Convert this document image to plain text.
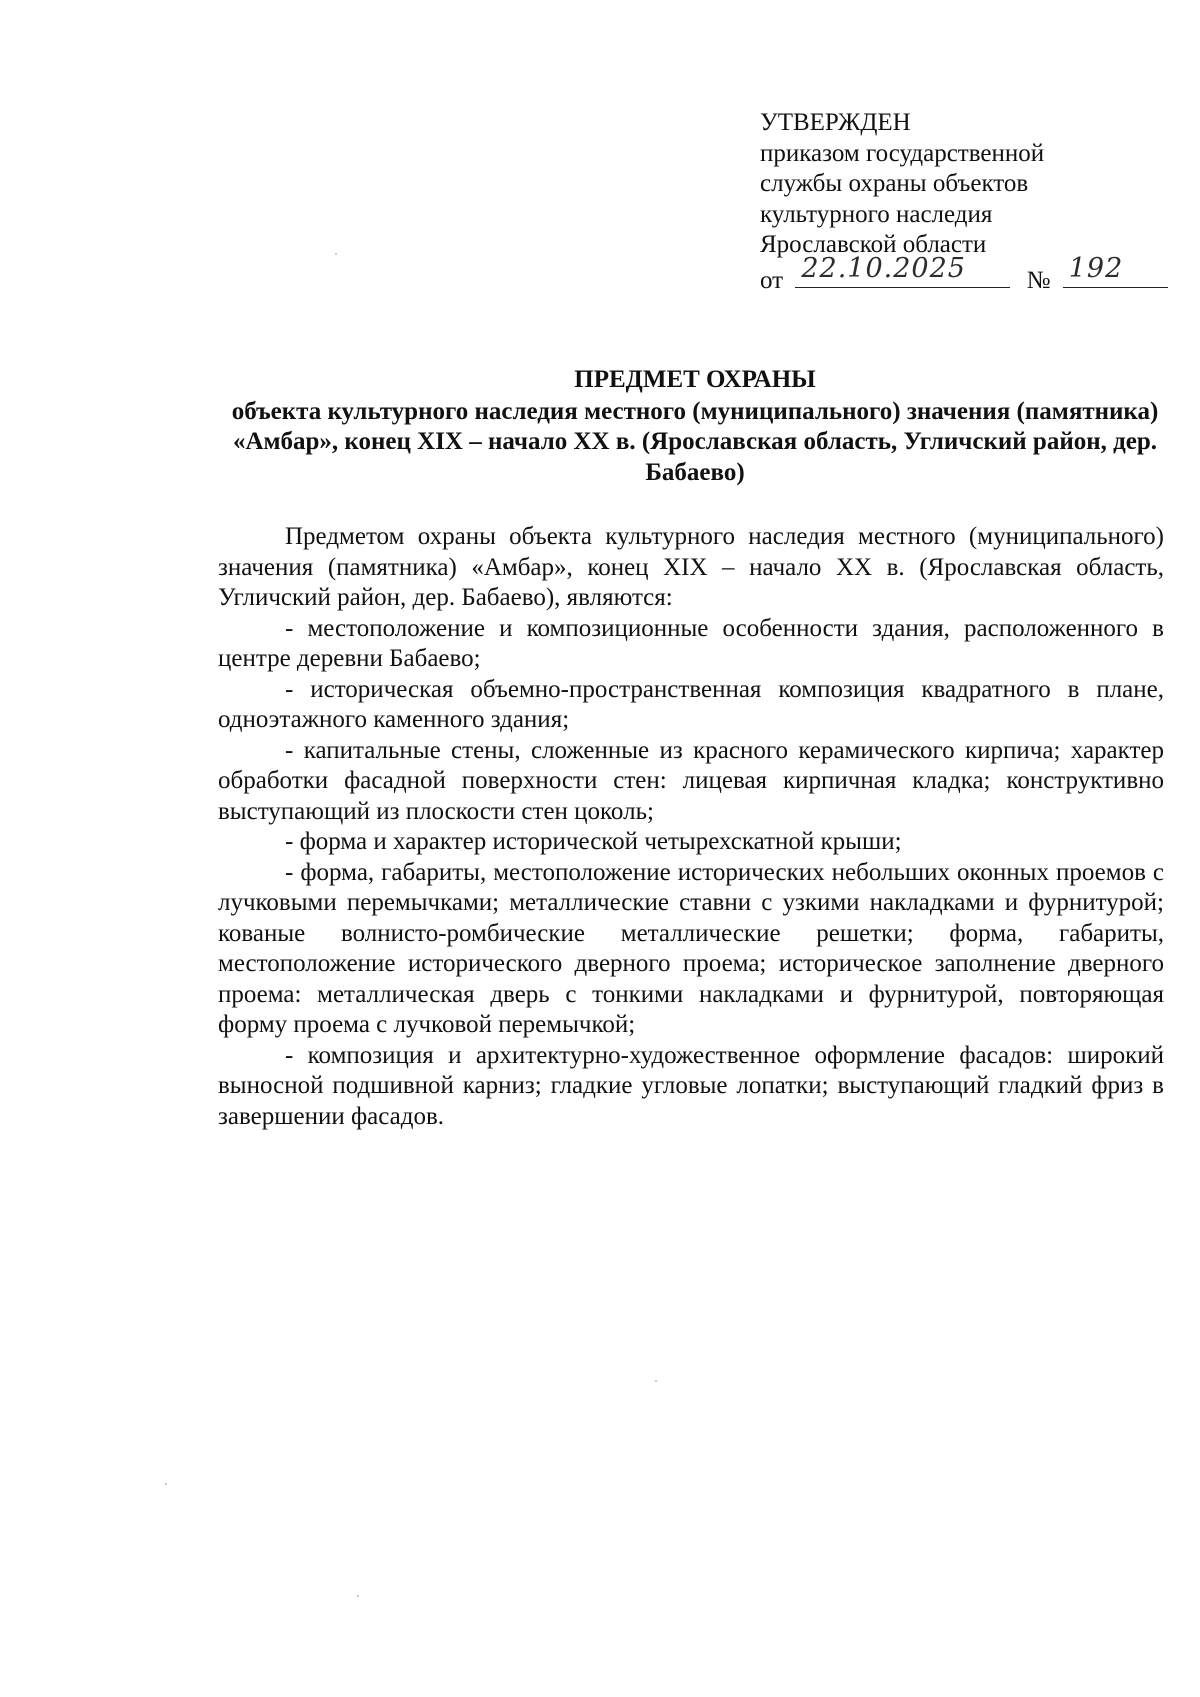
УТВЕРЖДЕН
приказом государственной
службы охраны объектов
культурного наследия
Ярославской области
от 22.10.2025 № 192
ПРЕДМЕТ ОХРАНЫ
объекта культурного наследия местного (муниципального) значения (памятника) «Амбар», конец XIX – начало XX в. (Ярославская область, Угличский район, дер. Бабаево)

Предметом охраны объекта культурного наследия местного (муниципального) значения (памятника) «Амбар», конец XIX – начало XX в. (Ярославская область, Угличский район, дер. Бабаево), являются:

- местоположение и композиционные особенности здания, расположенного в центре деревни Бабаево;

- историческая объемно-пространственная композиция квадратного в плане, одноэтажного каменного здания;

- капитальные стены, сложенные из красного керамического кирпича; характер обработки фасадной поверхности стен: лицевая кирпичная кладка; конструктивно выступающий из плоскости стен цоколь;

- форма и характер исторической четырехскатной крыши;

- форма, габариты, местоположение исторических небольших оконных проемов с лучковыми перемычками; металлические ставни с узкими накладками и фурнитурой; кованые волнисто-ромбические металлические решетки; форма, габариты, местоположение исторического дверного проема; историческое заполнение дверного проема: металлическая дверь с тонкими накладками и фурнитурой, повторяющая форму проема с лучковой перемычкой;

- композиция и архитектурно-художественное оформление фасадов: широкий выносной подшивной карниз; гладкие угловые лопатки; выступающий гладкий фриз в завершении фасадов.
